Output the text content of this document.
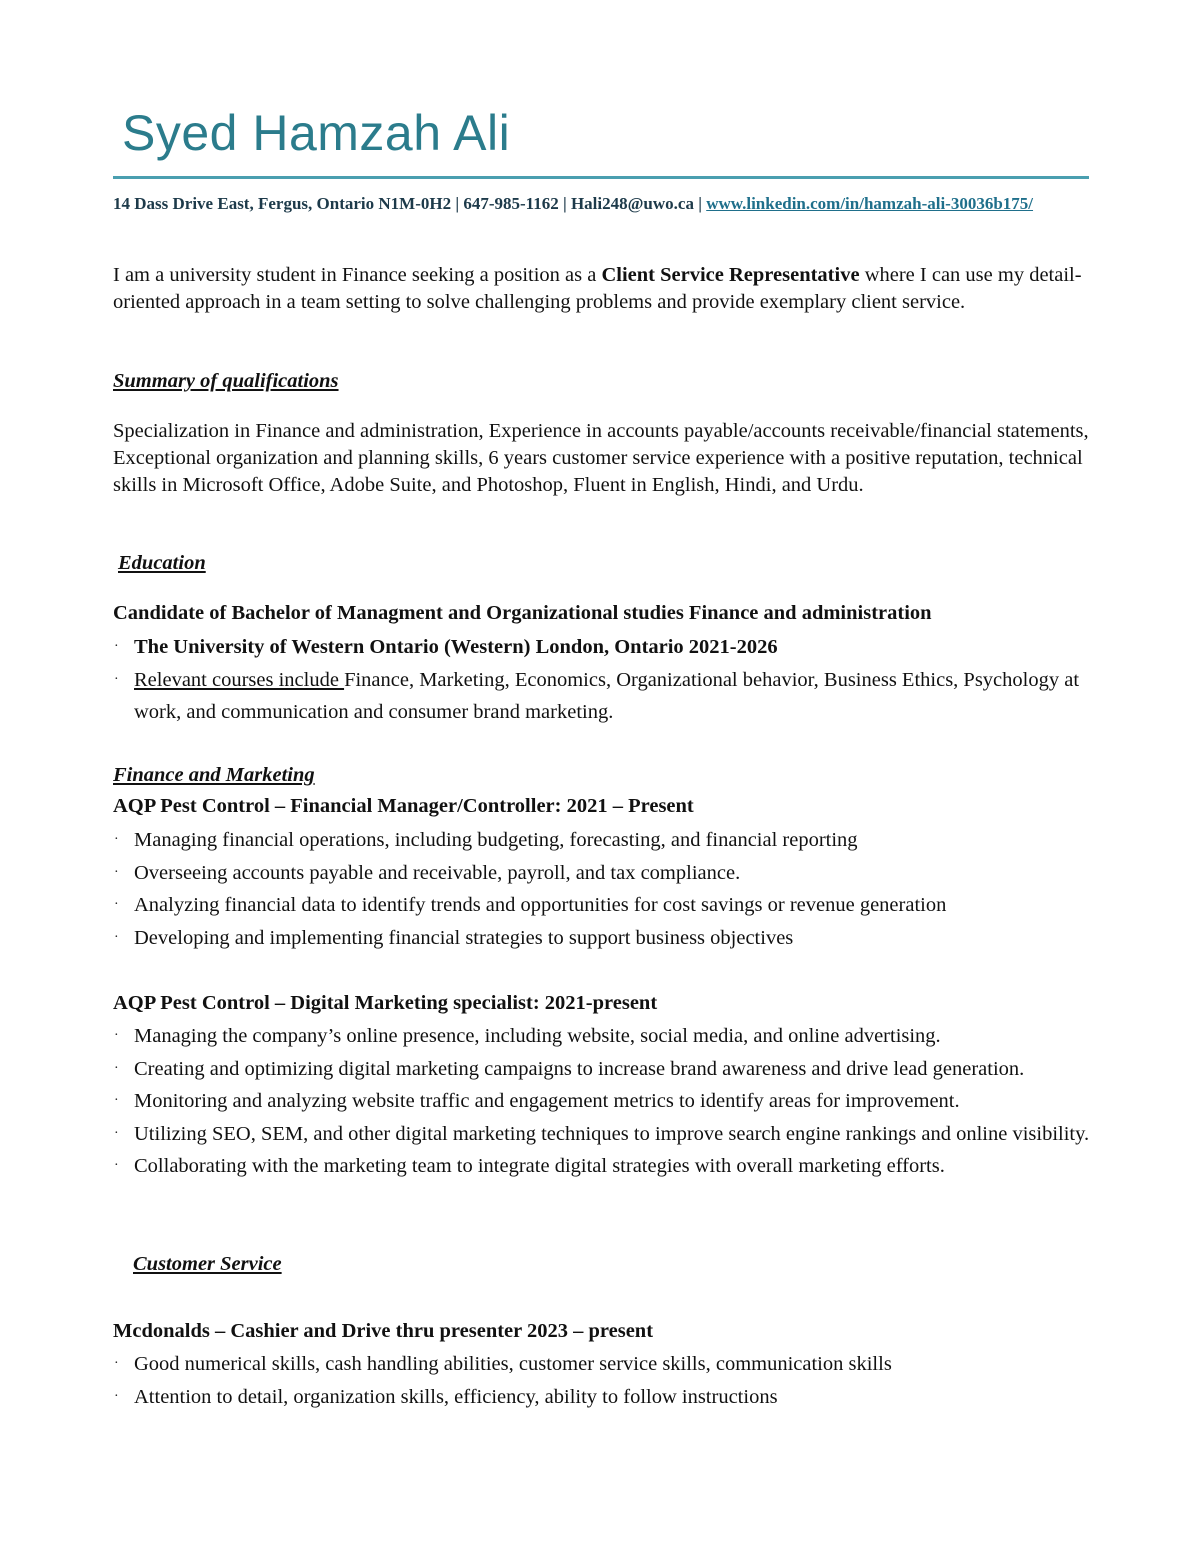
Syed Hamzah Ali
14 Dass Drive East, Fergus, Ontario N1M-0H2 | 647-985-1162 | Hali248@uwo.ca | www.linkedin.com/in/hamzah-ali-30036b175/
I am a university student in Finance seeking a position as a Client Service Representative where I can use my detail-oriented approach in a team setting to solve challenging problems and provide exemplary client service.
Summary of qualifications
Specialization in Finance and administration, Experience in accounts payable/accounts receivable/financial statements, Exceptional organization and planning skills, 6 years customer service experience with a positive reputation, technical skills in Microsoft Office, Adobe Suite, and Photoshop, Fluent in English, Hindi, and Urdu.
Education
Candidate of Bachelor of Managment and Organizational studies Finance and administration
· The University of Western Ontario (Western) London, Ontario 2021-2026
· Relevant courses include Finance, Marketing, Economics, Organizational behavior, Business Ethics, Psychology at work, and communication and consumer brand marketing.
Finance and Marketing
AQP Pest Control – Financial Manager/Controller: 2021 – Present
· Managing financial operations, including budgeting, forecasting, and financial reporting
· Overseeing accounts payable and receivable, payroll, and tax compliance.
· Analyzing financial data to identify trends and opportunities for cost savings or revenue generation
· Developing and implementing financial strategies to support business objectives
AQP Pest Control – Digital Marketing specialist: 2021-present
· Managing the company’s online presence, including website, social media, and online advertising.
· Creating and optimizing digital marketing campaigns to increase brand awareness and drive lead generation.
· Monitoring and analyzing website traffic and engagement metrics to identify areas for improvement.
· Utilizing SEO, SEM, and other digital marketing techniques to improve search engine rankings and online visibility.
· Collaborating with the marketing team to integrate digital strategies with overall marketing efforts.
Customer Service
Mcdonalds – Cashier and Drive thru presenter 2023 – present
· Good numerical skills, cash handling abilities, customer service skills, communication skills
· Attention to detail, organization skills, efficiency, ability to follow instructions
